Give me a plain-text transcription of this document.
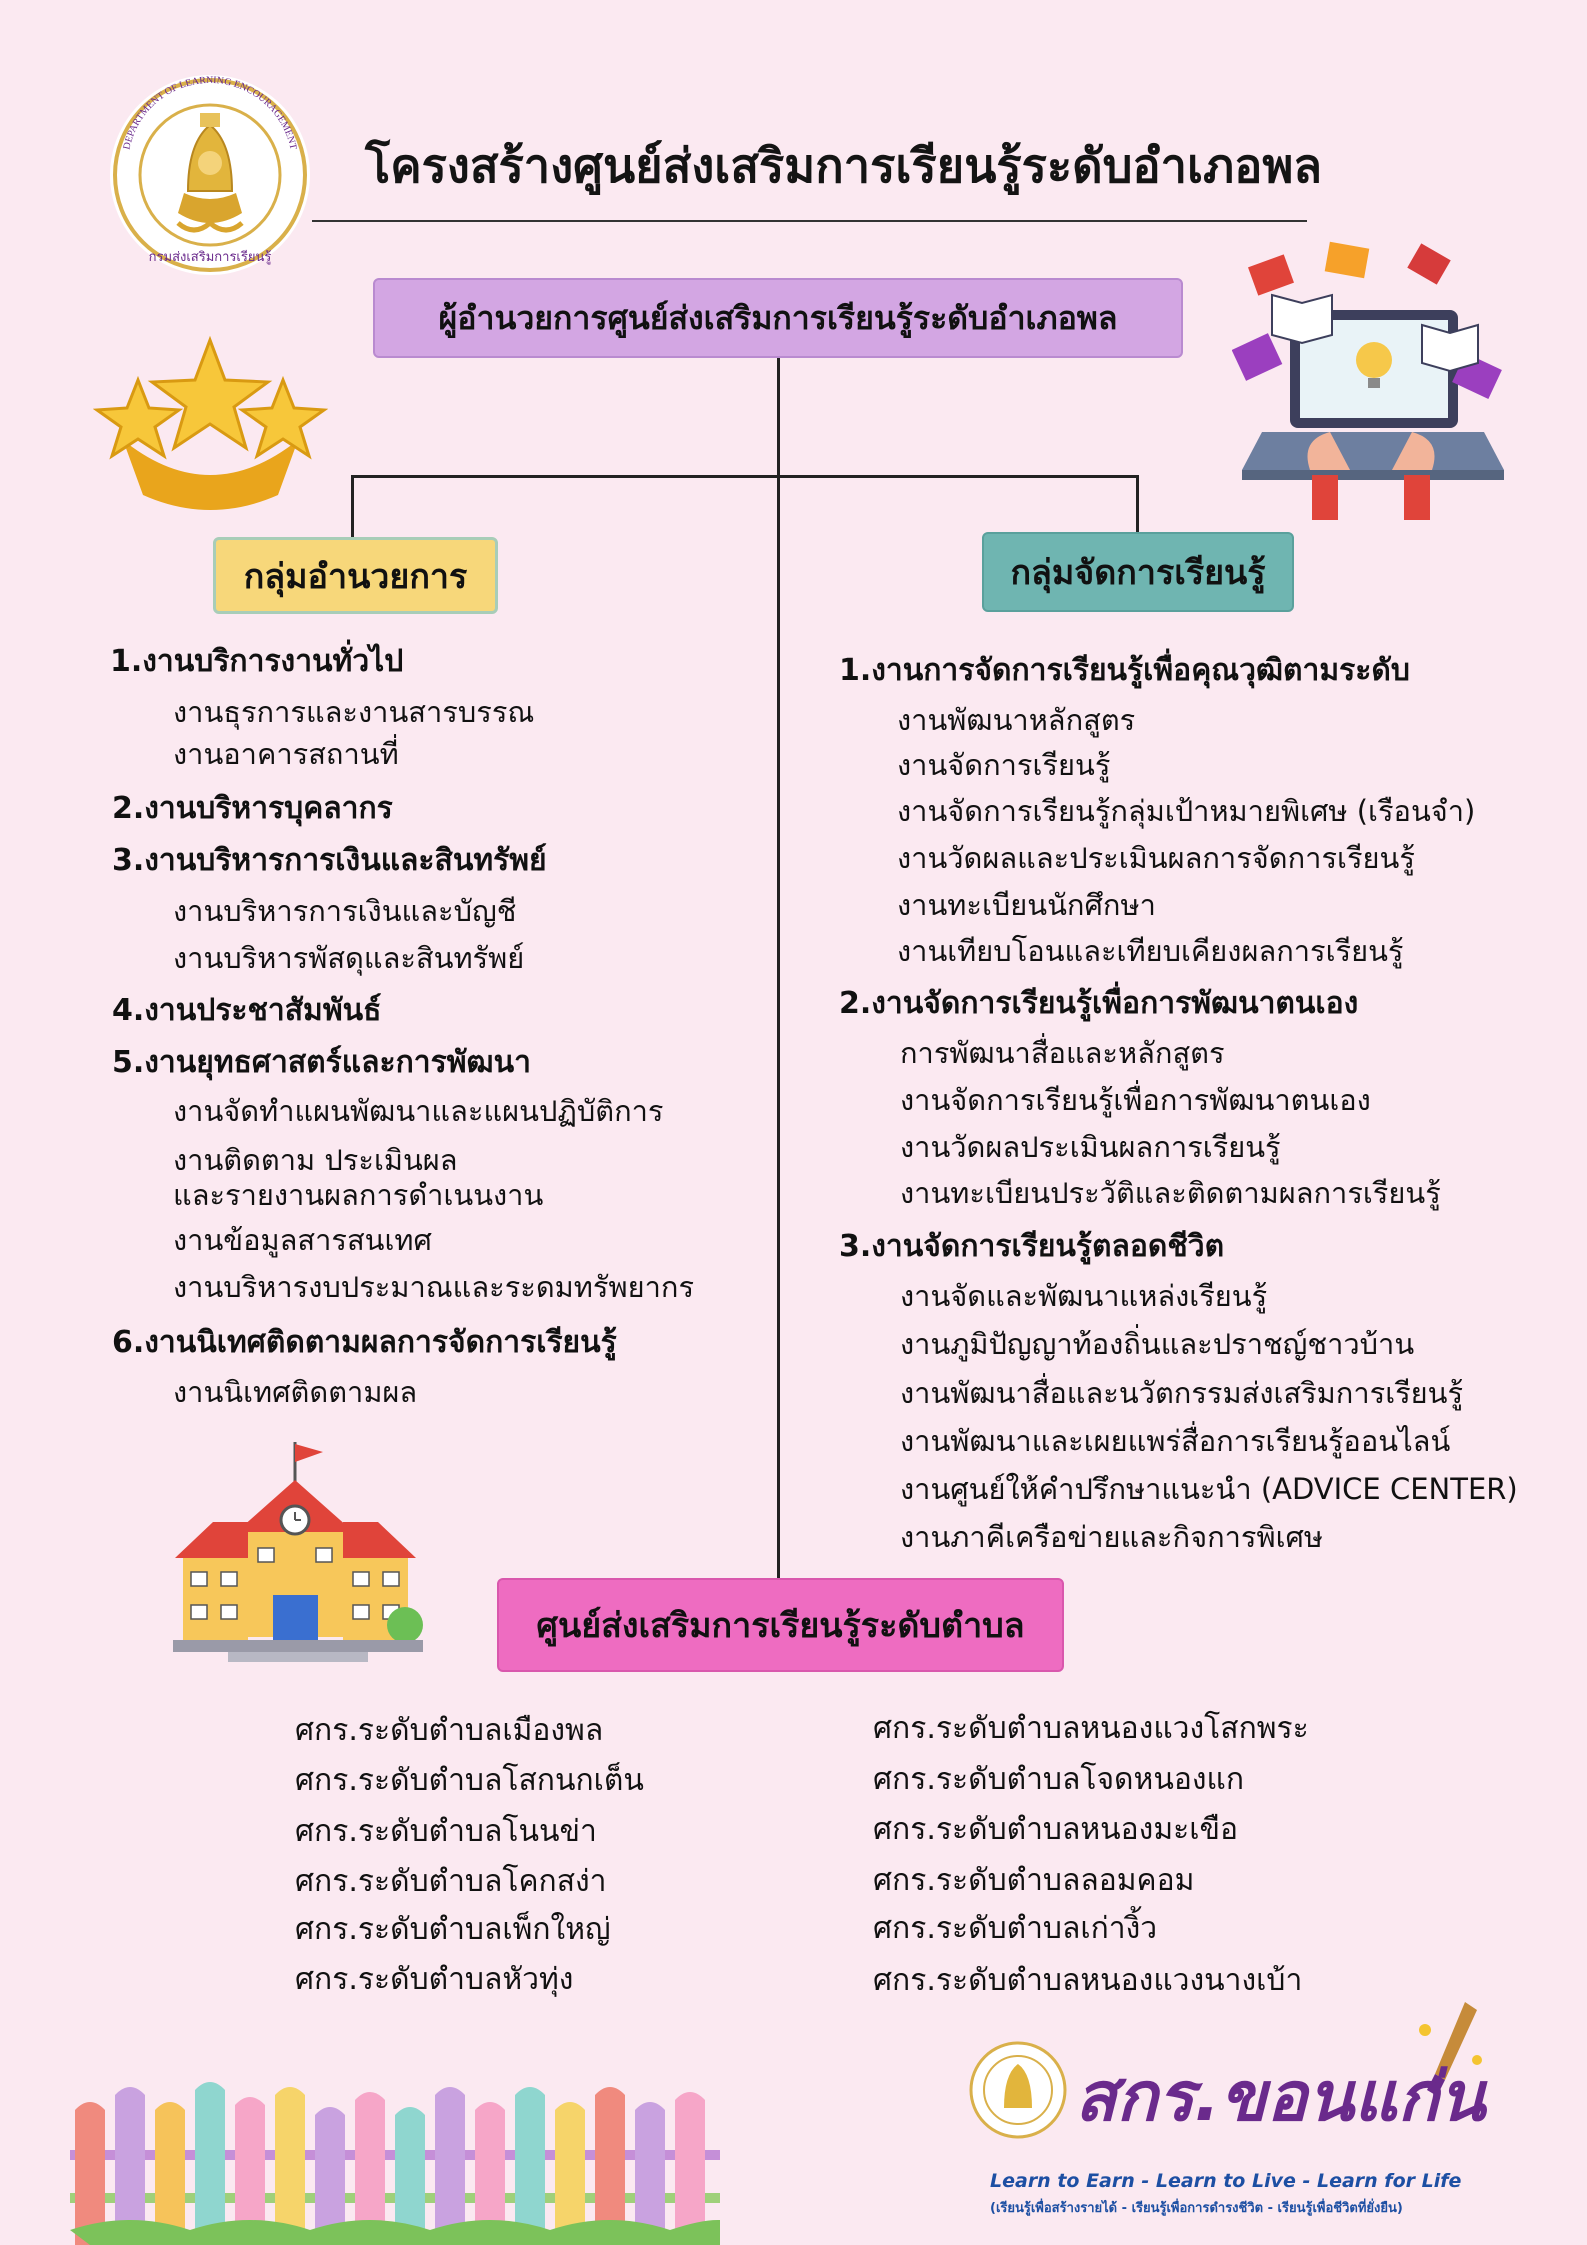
DEPARTMENT OF LEARNING ENCOURAGEMENT
กรมส่งเสริมการเรียนรู้
โครงสร้างศูนย์ส่งเสริมการเรียนรู้ระดับอำเภอพล
ผู้อำนวยการศูนย์ส่งเสริมการเรียนรู้ระดับอำเภอพล
กลุ่มอำนวยการ	กลุ่มจัดการเรียนรู้
ศูนย์ส่งเสริมการเรียนรู้ระดับตำบล
1.งานบริการงานทั่วไป
งานธุรการและงานสารบรรณ
งานอาคารสถานที่
2.งานบริหารบุคลากร
3.งานบริหารการเงินและสินทรัพย์
งานบริหารการเงินและบัญชี
งานบริหารพัสดุและสินทรัพย์
4.งานประชาสัมพันธ์
5.งานยุทธศาสตร์และการพัฒนา
งานจัดทำแผนพัฒนาและแผนปฏิบัติการ
งานติดตาม ประเมินผล
และรายงานผลการดำเนนงาน
งานข้อมูลสารสนเทศ
งานบริหารงบประมาณและระดมทรัพยากร
6.งานนิเทศติดตามผลการจัดการเรียนรู้
งานนิเทศติดตามผล
1.งานการจัดการเรียนรู้เพื่อคุณวุฒิตามระดับ
งานพัฒนาหลักสูตร
งานจัดการเรียนรู้
งานจัดการเรียนรู้กลุ่มเป้าหมายพิเศษ (เรือนจำ)
งานวัดผลและประเมินผลการจัดการเรียนรู้
งานทะเบียนนักศึกษา
งานเทียบโอนและเทียบเคียงผลการเรียนรู้
2.งานจัดการเรียนรู้เพื่อการพัฒนาตนเอง
การพัฒนาสื่อและหลักสูตร
งานจัดการเรียนรู้เพื่อการพัฒนาตนเอง
งานวัดผลประเมินผลการเรียนรู้
งานทะเบียนประวัติและติดตามผลการเรียนรู้
3.งานจัดการเรียนรู้ตลอดชีวิต
งานจัดและพัฒนาแหล่งเรียนรู้
งานภูมิปัญญาท้องถิ่นและปราชญ์ชาวบ้าน
งานพัฒนาสื่อและนวัตกรรมส่งเสริมการเรียนรู้
งานพัฒนาและเผยแพร่สื่อการเรียนรู้ออนไลน์
งานศูนย์ให้คำปรึกษาแนะนำ (ADVICE CENTER)
งานภาคีเครือข่ายและกิจการพิเศษ
ศกร.ระดับตำบลเมืองพล
ศกร.ระดับตำบลโสกนกเต็น
ศกร.ระดับตำบลโนนข่า
ศกร.ระดับตำบลโคกสง่า
ศกร.ระดับตำบลเพ็กใหญ่
ศกร.ระดับตำบลหัวทุ่ง
ศกร.ระดับตำบลหนองแวงโสกพระ
ศกร.ระดับตำบลโจดหนองแก
ศกร.ระดับตำบลหนองมะเขือ
ศกร.ระดับตำบลลอมคอม
ศกร.ระดับตำบลเก่างิ้ว
ศกร.ระดับตำบลหนองแวงนางเบ้า
สกร.ขอนแก่น
Learn to Earn - Learn to Live - Learn for Life
(เรียนรู้เพื่อสร้างรายได้ - เรียนรู้เพื่อการดำรงชีวิต - เรียนรู้เพื่อชีวิตที่ยั่งยืน)
